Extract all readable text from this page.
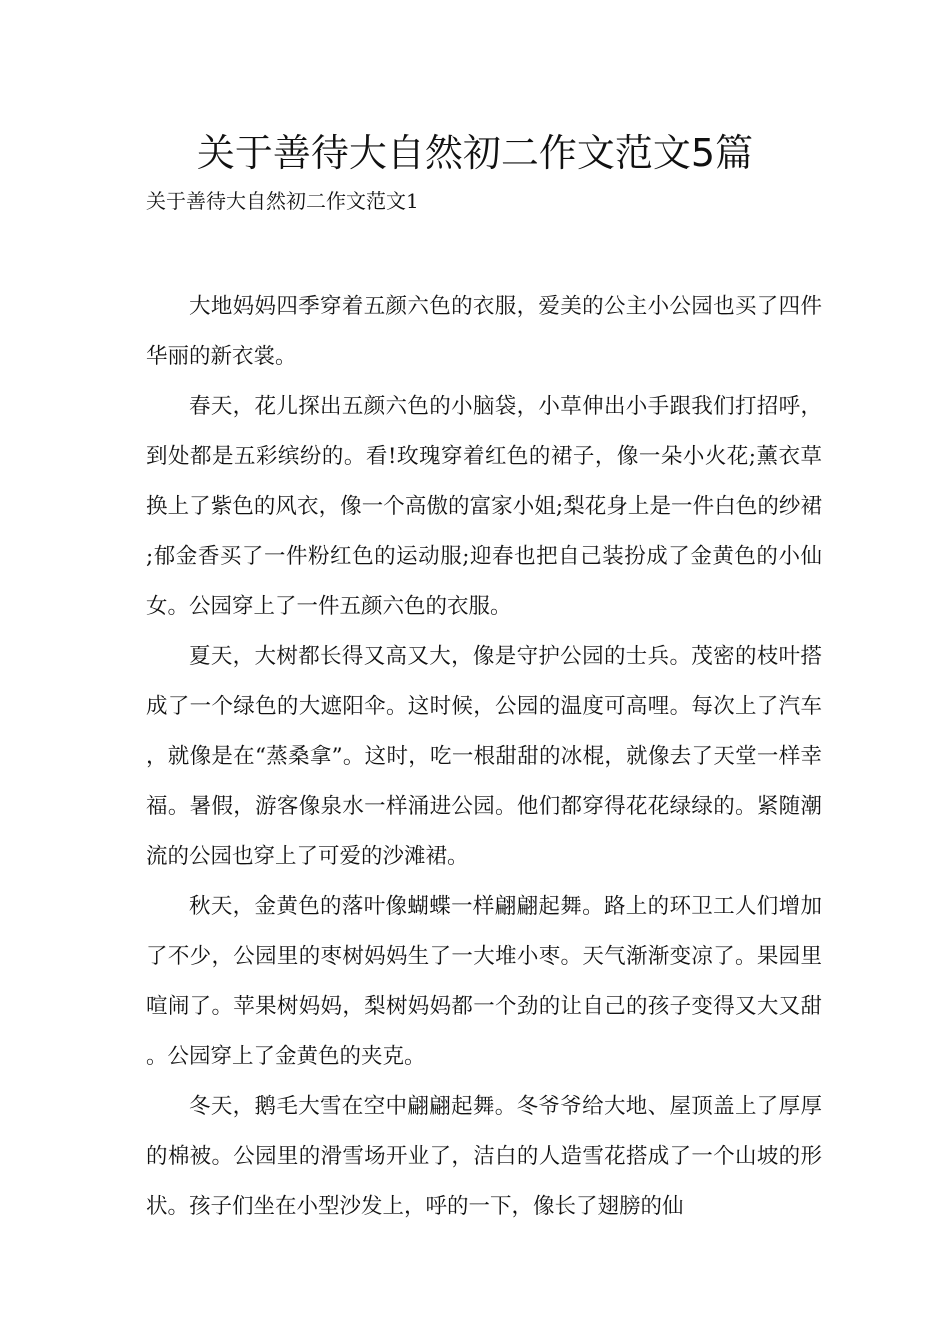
关于善待大自然初二作文范文5篇
关于善待大自然初二作文范文1

大地妈妈四季穿着五颜六色的衣服，爱美的公主小公园也买了四件华丽的新衣裳。

春天，花儿探出五颜六色的小脑袋，小草伸出小手跟我们打招呼，到处都是五彩缤纷的。看!玫瑰穿着红色的裙子，像一朵小火花;薰衣草换上了紫色的风衣，像一个高傲的富家小姐;梨花身上是一件白色的纱裙;郁金香买了一件粉红色的运动服;迎春也把自己装扮成了金黄色的小仙女。公园穿上了一件五颜六色的衣服。

夏天，大树都长得又高又大，像是守护公园的士兵。茂密的枝叶搭成了一个绿色的大遮阳伞。这时候，公园的温度可高哩。每次上了汽车，就像是在“蒸桑拿”。这时，吃一根甜甜的冰棍，就像去了天堂一样幸福。暑假，游客像泉水一样涌进公园。他们都穿得花花绿绿的。紧随潮流的公园也穿上了可爱的沙滩裙。

秋天，金黄色的落叶像蝴蝶一样翩翩起舞。路上的环卫工人们增加了不少，公园里的枣树妈妈生了一大堆小枣。天气渐渐变凉了。果园里喧闹了。苹果树妈妈，梨树妈妈都一个劲的让自己的孩子变得又大又甜。公园穿上了金黄色的夹克。

冬天，鹅毛大雪在空中翩翩起舞。冬爷爷给大地、屋顶盖上了厚厚的棉被。公园里的滑雪场开业了，洁白的人造雪花搭成了一个山坡的形状。孩子们坐在小型沙发上，呼的一下，像长了翅膀的仙
